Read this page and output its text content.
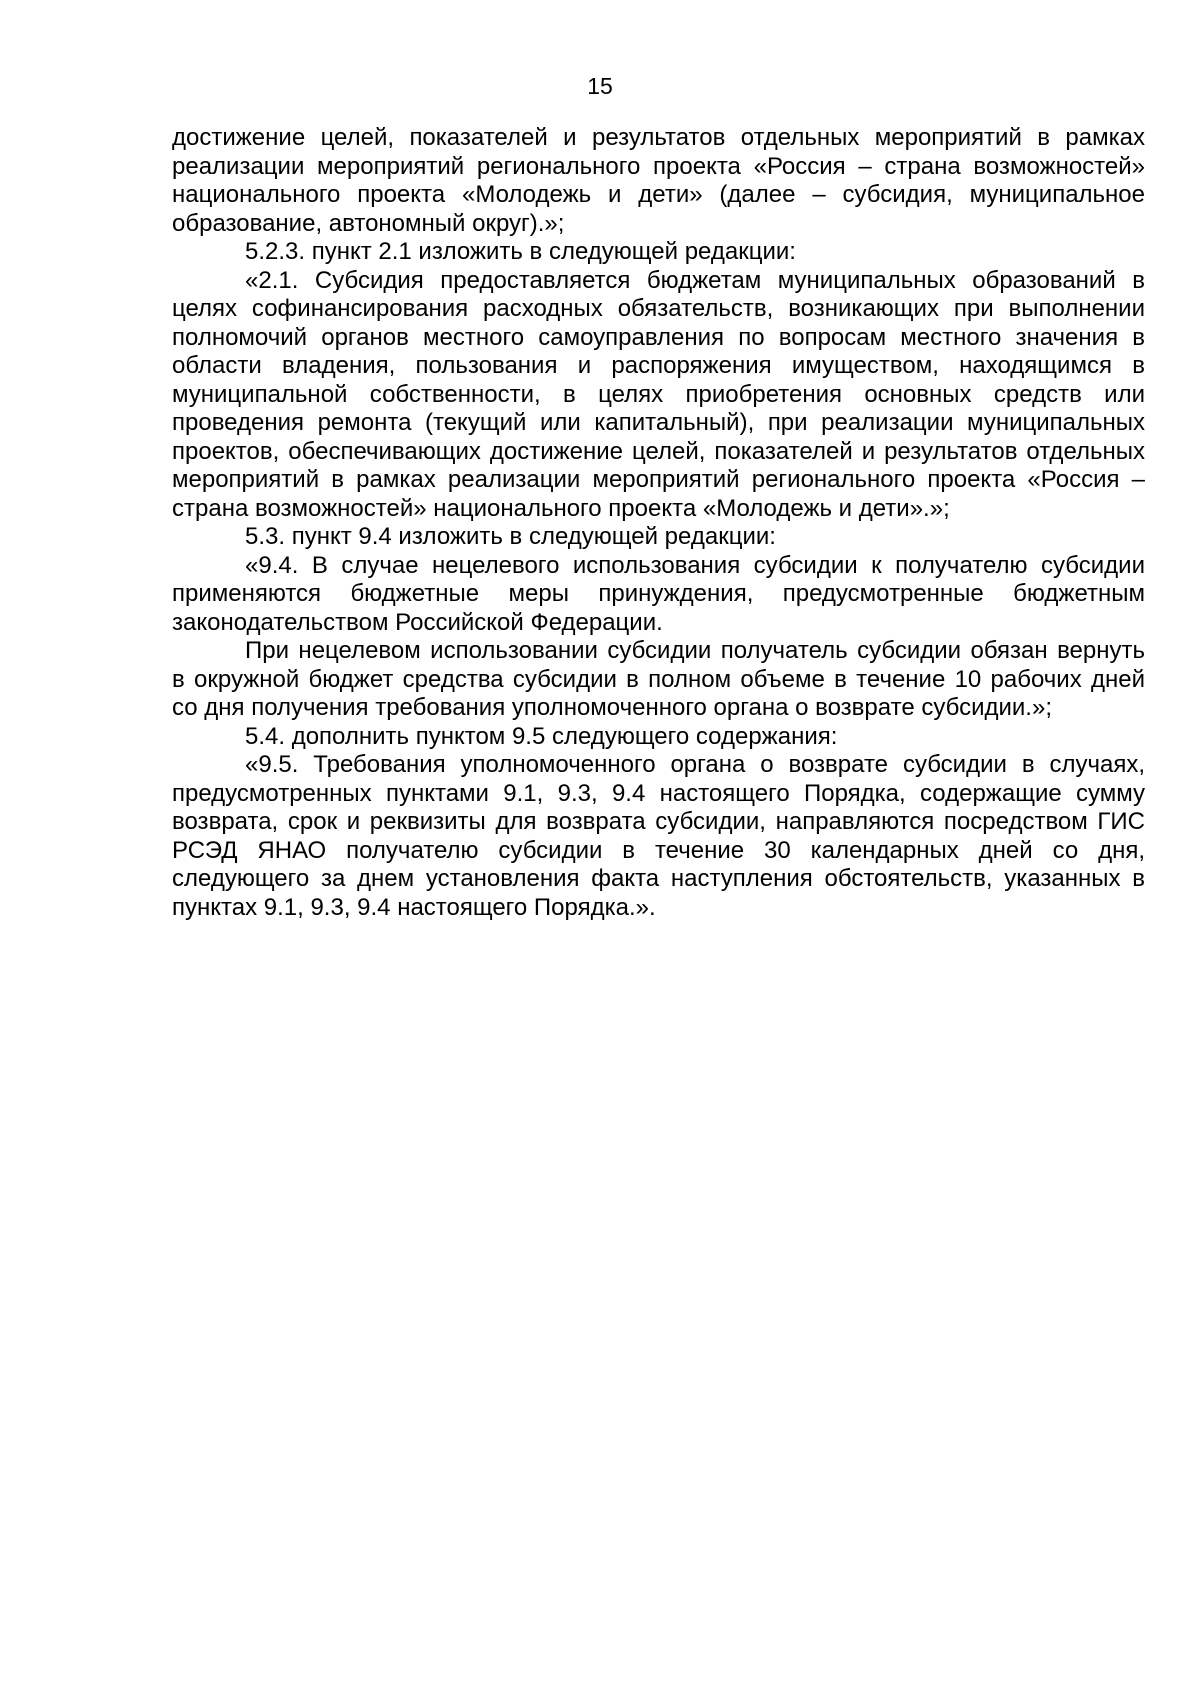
15

достижение целей, показателей и результатов отдельных мероприятий в рамках реализации мероприятий регионального проекта «Россия – страна возможностей» национального проекта «Молодежь и дети» (далее – субсидия, муниципальное образование, автономный округ).»;

5.2.3. пункт 2.1 изложить в следующей редакции:

«2.1. Субсидия предоставляется бюджетам муниципальных образований в целях софинансирования расходных обязательств, возникающих при выполнении полномочий органов местного самоуправления по вопросам местного значения в области владения, пользования и распоряжения имуществом, находящимся в муниципальной собственности, в целях приобретения основных средств или проведения ремонта (текущий или капитальный), при реализации муниципальных проектов, обеспечивающих достижение целей, показателей и результатов отдельных мероприятий в рамках реализации мероприятий регионального проекта «Россия – страна возможностей» национального проекта «Молодежь и дети».»;

5.3. пункт 9.4 изложить в следующей редакции:

«9.4. В случае нецелевого использования субсидии к получателю субсидии применяются бюджетные меры принуждения, предусмотренные бюджетным законодательством Российской Федерации.

При нецелевом использовании субсидии получатель субсидии обязан вернуть в окружной бюджет средства субсидии в полном объеме в течение 10 рабочих дней со дня получения требования уполномоченного органа о возврате субсидии.»;

5.4. дополнить пунктом 9.5 следующего содержания:

«9.5. Требования уполномоченного органа о возврате субсидии в случаях, предусмотренных пунктами 9.1, 9.3, 9.4 настоящего Порядка, содержащие сумму возврата, срок и реквизиты для возврата субсидии, направляются посредством ГИС РСЭД ЯНАО получателю субсидии в течение 30 календарных дней со дня, следующего за днем установления факта наступления обстоятельств, указанных в пунктах 9.1, 9.3, 9.4 настоящего Порядка.».
